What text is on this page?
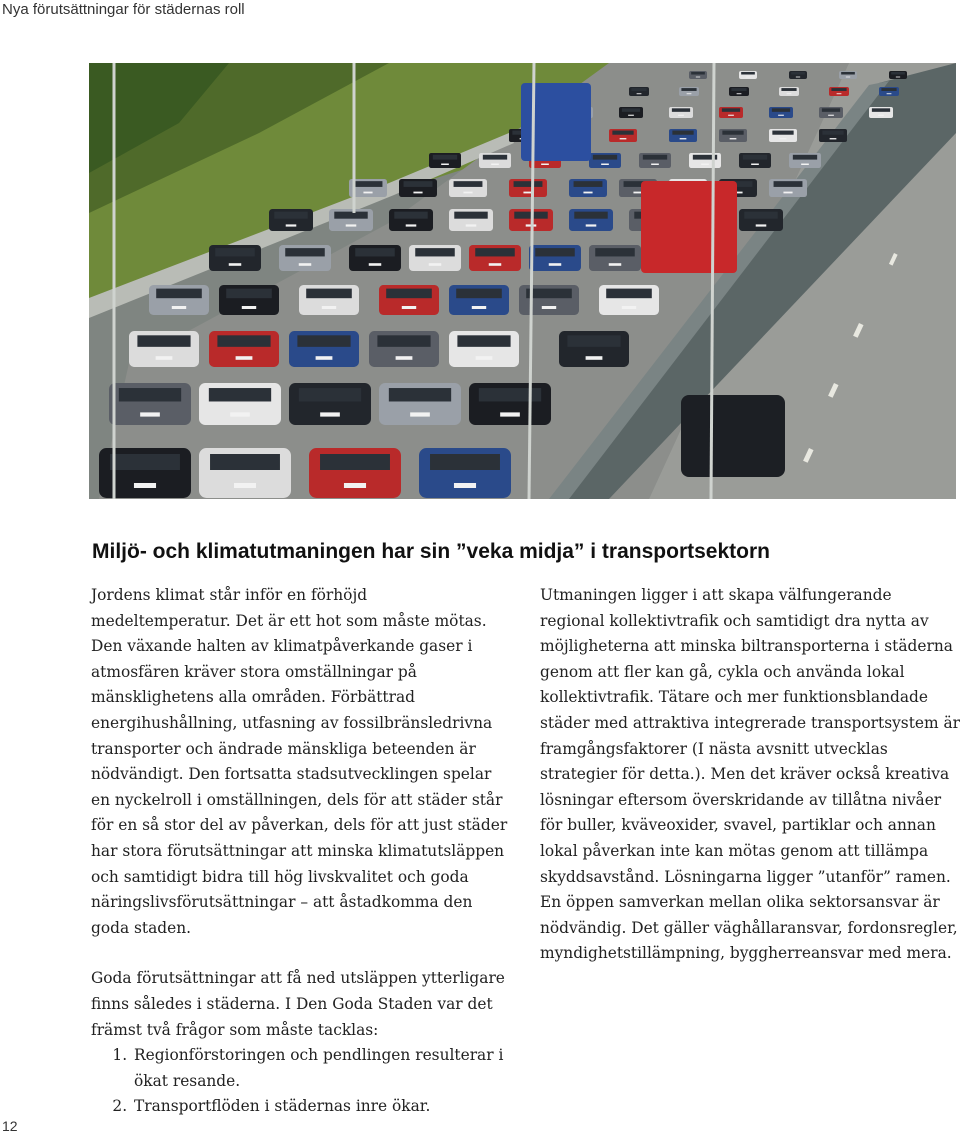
Nya förutsättningar för städernas roll
Miljö- och klimatutmaningen har sin ”veka midja” i transportsektorn

Jordens klimat står inför en förhöjd medeltemperatur. Det är ett hot som måste mötas. Den växande halten av klimatpåverkande gaser i atmosfären kräver stora omställningar på mänsklighetens alla områden. Förbättrad energihushållning, utfasning av fossilbränsledrivna transporter och ändrade mänskliga beteenden är nödvändigt. Den fortsatta stadsutvecklingen spelar en nyckelroll i omställningen, dels för att städer står för en så stor del av påverkan, dels för att just städer har stora förutsättningar att minska klimatutsläppen och samtidigt bidra till hög livskvalitet och goda näringslivsförutsättningar – att åstadkomma den goda staden.

Goda förutsättningar att få ned utsläppen ytterligare finns således i städerna. I Den Goda Staden var det främst två frågor som måste tacklas:

1. Regionförstoringen och pendlingen resulterar i ökat resande.
2. Transportflöden i städernas inre ökar.

Utmaningen ligger i att skapa välfungerande regional kollektivtrafik och samtidigt dra nytta av möjligheterna att minska biltransporterna i städerna genom att fler kan gå, cykla och använda lokal kollektivtrafik. Tätare och mer funktionsblandade städer med attraktiva integrerade transportsystem är framgångsfaktorer (I nästa avsnitt utvecklas strategier för detta.). Men det kräver också kreativa lösningar eftersom överskridande av tillåtna nivåer för buller, kväveoxider, svavel, partiklar och annan lokal påverkan inte kan mötas genom att tillämpa skyddsavstånd. Lösningarna ligger ”utanför” ramen. En öppen samverkan mellan olika sektorsansvar är nödvändig. Det gäller väghållaransvar, fordonsregler, myndighetstillämpning, byggherreansvar med mera.

12
